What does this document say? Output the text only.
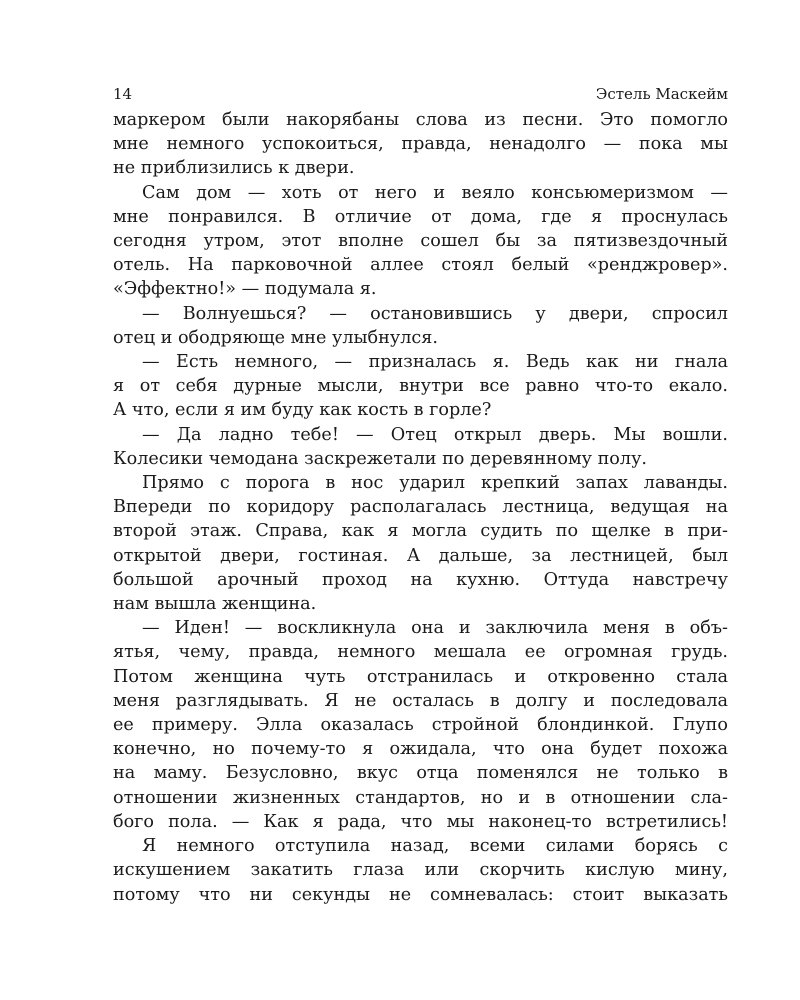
14	Эстель Маскейм
маркером были накорябаны слова из песни. Это помогло
мне немного успокоиться, правда, ненадолго — пока мы
не приблизились к двери.
Сам дом — хоть от него и веяло консьюмеризмом —
мне понравился. В отличие от дома, где я проснулась
сегодня утром, этот вполне сошел бы за пятизвездочный
отель. На парковочной аллее стоял белый «ренджровер».
«Эффектно!» — подумала я.
— Волнуешься? — остановившись у двери, спросил
отец и ободряюще мне улыбнулся.
— Есть немного, — призналась я. Ведь как ни гнала
я от себя дурные мысли, внутри все равно что-то екало.
А что, если я им буду как кость в горле?
— Да ладно тебе! — Отец открыл дверь. Мы вошли.
Колесики чемодана заскрежетали по деревянному полу.
Прямо с порога в нос ударил крепкий запах лаванды.
Впереди по коридору располагалась лестница, ведущая на
второй этаж. Справа, как я могла судить по щелке в при-
открытой двери, гостиная. А дальше, за лестницей, был
большой арочный проход на кухню. Оттуда навстречу
нам вышла женщина.
— Иден! — воскликнула она и заключила меня в объ-
ятья, чему, правда, немного мешала ее огромная грудь.
Потом женщина чуть отстранилась и откровенно стала
меня разглядывать. Я не осталась в долгу и последовала
ее примеру. Элла оказалась стройной блондинкой. Глупо
конечно, но почему-то я ожидала, что она будет похожа
на маму. Безусловно, вкус отца поменялся не только в
отношении жизненных стандартов, но и в отношении сла-
бого пола. — Как я рада, что мы наконец-то встретились!
Я немного отступила назад, всеми силами борясь с
искушением закатить глаза или скорчить кислую мину,
потому что ни секунды не сомневалась: стоит выказать
